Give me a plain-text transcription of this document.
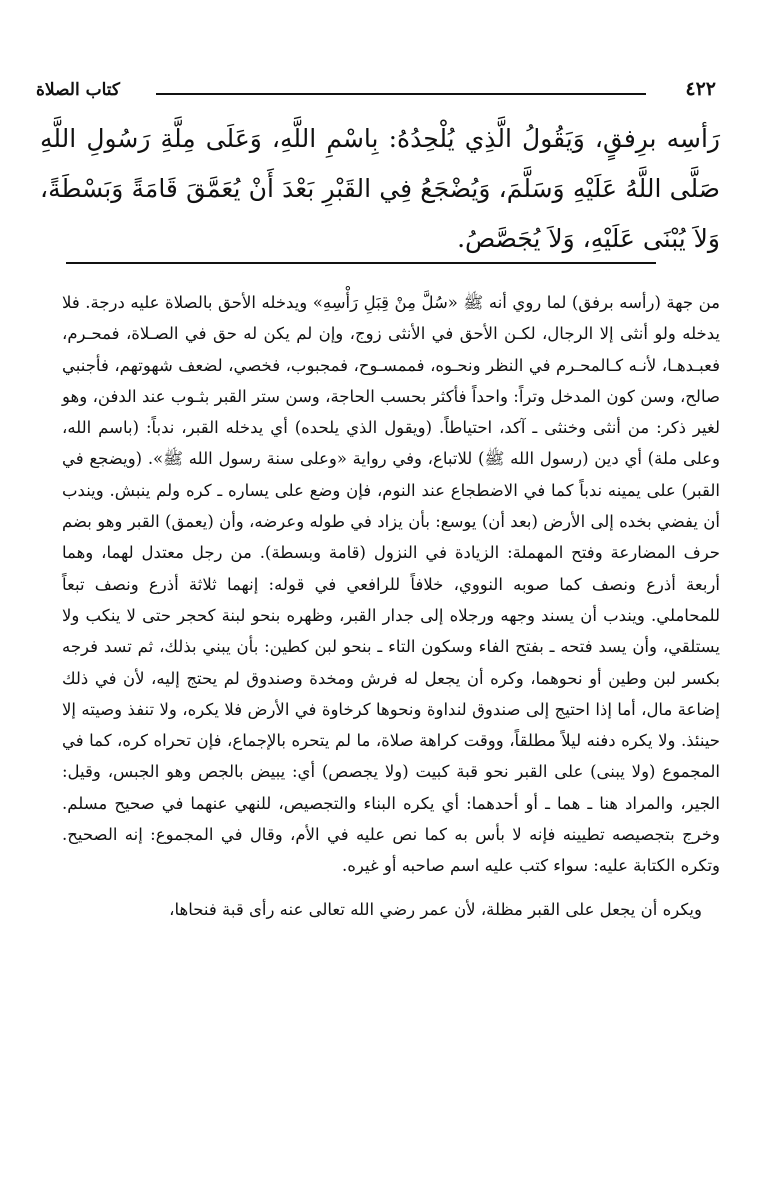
٤٢٢
كتاب الصلاة
رَأسِه برِفقٍ، وَيَقُولُ الَّذِي يُلْحِدُهُ: بِاسْمِ اللَّهِ، وَعَلَى مِلَّةِ رَسُولِ اللَّهِ صَلَّى اللَّهُ عَلَيْهِ وَسَلَّمَ، وَيُضْجَعُ فِي القَبْرِ بَعْدَ أَنْ يُعَمَّقَ قَامَةً وَبَسْطَةً، وَلاَ يُبْنَى عَلَيْهِ، وَلاَ يُجَصَّصُ.

من جهة (رأسه برفق) لما روي أنه ﷺ «سُلَّ مِنْ قِبَلِ رَأْسِهِ» ويدخله الأحق بالصلاة عليه درجة. فلا يدخله ولو أنثى إلا الرجال، لكـن الأحق في الأنثى زوج، وإن لم يكن له حق في الصـلاة، فمحـرم، فعبـدهـا، لأنـه كـالمحـرم في النظر ونحـوه، فممسـوح، فمجبوب، فخصي، لضعف شهوتهم، فأجنبي صالح، وسن كون المدخل وتراً: واحداً فأكثر بحسب الحاجة، وسن ستر القبر بثـوب عند الدفن، وهو لغير ذكر: من أنثى وخنثى ـ آكد، احتياطاً. (ويقول الذي يلحده) أي يدخله القبر، ندباً: (باسم الله، وعلى ملة) أي دين (رسول الله ﷺ) للاتباع، وفي رواية «وعلى سنة رسول الله ﷺ». (ويضجع في القبر) على يمينه ندباً كما في الاضطجاع عند النوم، فإن وضع على يساره ـ كره ولم ينبش. ويندب أن يفضي بخده إلى الأرض (بعد أن) يوسع: بأن يزاد في طوله وعرضه، وأن (يعمق) القبر وهو بضم حرف المضارعة وفتح المهملة: الزيادة في النزول (قامة وبسطة). من رجل معتدل لهما، وهما أربعة أذرع ونصف كما صوبه النووي، خلافاً للرافعي في قوله: إنهما ثلاثة أذرع ونصف تبعاً للمحاملي. ويندب أن يسند وجهه ورجلاه إلى جدار القبر، وظهره بنحو لبنة كحجر حتى لا ينكب ولا يستلقي، وأن يسد فتحه ـ بفتح الفاء وسكون التاء ـ بنحو لبن كطين: بأن يبني بذلك، ثم تسد فرجه بكسر لبن وطين أو نحوهما، وكره أن يجعل له فرش ومخدة وصندوق لم يحتج إليه، لأن في ذلك إضاعة مال، أما إذا احتيج إلى صندوق لنداوة ونحوها كرخاوة في الأرض فلا يكره، ولا تنفذ وصيته إلا حينئذ. ولا يكره دفنه ليلاً مطلقاً، ووقت كراهة صلاة، ما لم يتحره بالإجماع، فإن تحراه كره، كما في المجموع (ولا يبنى) على القبر نحو قبة كبيت (ولا يجصص) أي: يبيض بالجص وهو الجبس، وقيل: الجير، والمراد هنا ـ هما ـ أو أحدهما: أي يكره البناء والتجصيص، للنهي عنهما في صحيح مسلم. وخرج بتجصيصه تطيينه فإنه لا بأس به كما نص عليه في الأم، وقال في المجموع: إنه الصحيح. وتكره الكتابة عليه: سواء كتب عليه اسم صاحبه أو غيره.

ويكره أن يجعل على القبر مظلة، لأن عمر رضي الله تعالى عنه رأى قبة فنحاها،
